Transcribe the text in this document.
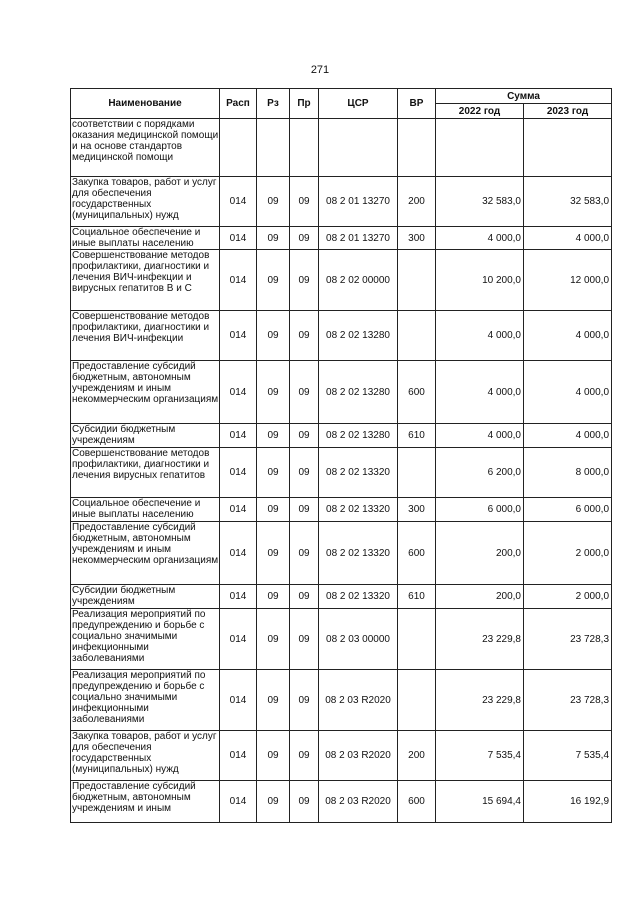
271
Наименование	Расп	Рз	Пр	ЦСР	ВР	Сумма	
						2022 год	2023 год
соответствии с порядками оказания медицинской помощи и на основе стандартов медицинской помощи							
Закупка товаров, работ и услуг для обеспечения государственных (муниципальных) нужд	014	09	09	08 2 01 13270	200	32 583,0	32 583,0
Социальное обеспечение и иные выплаты населению	014	09	09	08 2 01 13270	300	4 000,0	4 000,0
Совершенствование методов профилактики, диагностики и лечения ВИЧ-инфекции и вирусных гепатитов В и С	014	09	09	08 2 02 00000		10 200,0	12 000,0
Совершенствование методов профилактики, диагностики и лечения ВИЧ-инфекции	014	09	09	08 2 02 13280		4 000,0	4 000,0
Предоставление субсидий бюджетным, автономным учреждениям и иным некоммерческим организациям	014	09	09	08 2 02 13280	600	4 000,0	4 000,0
Субсидии бюджетным учреждениям	014	09	09	08 2 02 13280	610	4 000,0	4 000,0
Совершенствование методов профилактики, диагностики и лечения вирусных гепатитов	014	09	09	08 2 02 13320		6 200,0	8 000,0
Социальное обеспечение и иные выплаты населению	014	09	09	08 2 02 13320	300	6 000,0	6 000,0
Предоставление субсидий бюджетным, автономным учреждениям и иным некоммерческим организациям	014	09	09	08 2 02 13320	600	200,0	2 000,0
Субсидии бюджетным учреждениям	014	09	09	08 2 02 13320	610	200,0	2 000,0
Реализация мероприятий по предупреждению и борьбе с социально значимыми инфекционными заболеваниями	014	09	09	08 2 03 00000		23 229,8	23 728,3
Реализация мероприятий по предупреждению и борьбе с социально значимыми инфекционными заболеваниями	014	09	09	08 2 03 R2020		23 229,8	23 728,3
Закупка товаров, работ и услуг для обеспечения государственных (муниципальных) нужд	014	09	09	08 2 03 R2020	200	7 535,4	7 535,4
Предоставление субсидий бюджетным, автономным учреждениям и иным	014	09	09	08 2 03 R2020	600	15 694,4	16 192,9
